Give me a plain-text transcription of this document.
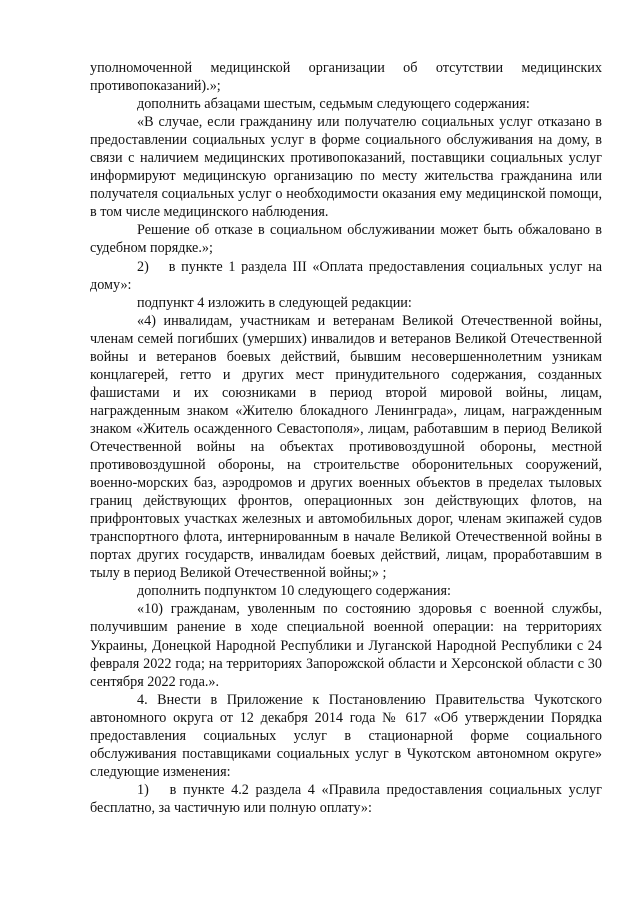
уполномоченной медицинской организации об отсутствии медицинских противопоказаний).»;

дополнить абзацами шестым, седьмым следующего содержания:

«В случае, если гражданину или получателю социальных услуг отказано в предоставлении социальных услуг в форме социального обслуживания на дому, в связи с наличием медицинских противопоказаний, поставщики социальных услуг информируют медицинскую организацию по месту жительства гражданина или получателя социальных услуг о необходимости оказания ему медицинской помощи, в том числе медицинского наблюдения.

Решение об отказе в социальном обслуживании может быть обжаловано в судебном порядке.»;

2)  в пункте 1 раздела III «Оплата предоставления социальных услуг на дому»:

подпункт 4 изложить в следующей редакции:

«4) инвалидам, участникам и ветеранам Великой Отечественной войны, членам семей погибших (умерших) инвалидов и ветеранов Великой Отечественной войны и ветеранов боевых действий, бывшим несовершеннолетним узникам концлагерей, гетто и других мест принудительного содержания, созданных фашистами и их союзниками в период второй мировой войны, лицам, награжденным знаком «Жителю блокадного Ленинграда», лицам, награжденным знаком «Житель осажденного Севастополя», лицам, работавшим в период Великой Отечественной войны на объектах противовоздушной обороны, местной противовоздушной обороны, на строительстве оборонительных сооружений, военно-морских баз, аэродромов и других военных объектов в пределах тыловых границ действующих фронтов, операционных зон действующих флотов, на прифронтовых участках железных и автомобильных дорог, членам экипажей судов транспортного флота, интернированным в начале Великой Отечественной войны в портах других государств, инвалидам боевых действий, лицам, проработавшим в тылу в период Великой Отечественной войны;» ;

дополнить подпунктом 10 следующего содержания:

«10) гражданам, уволенным по состоянию здоровья с военной службы, получившим ранение в ходе специальной военной операции: на территориях Украины, Донецкой Народной Республики и Луганской Народной Республики с 24 февраля 2022 года; на территориях Запорожской области и Херсонской области с 30 сентября 2022 года.».

4. Внести в Приложение к Постановлению Правительства Чукотского автономного округа от 12 декабря 2014 года № 617 «Об утверждении Порядка предоставления социальных услуг в стационарной форме социального обслуживания поставщиками социальных услуг в Чукотском автономном округе» следующие изменения:

1)  в пункте 4.2 раздела 4 «Правила предоставления социальных услуг бесплатно, за частичную или полную оплату»:
